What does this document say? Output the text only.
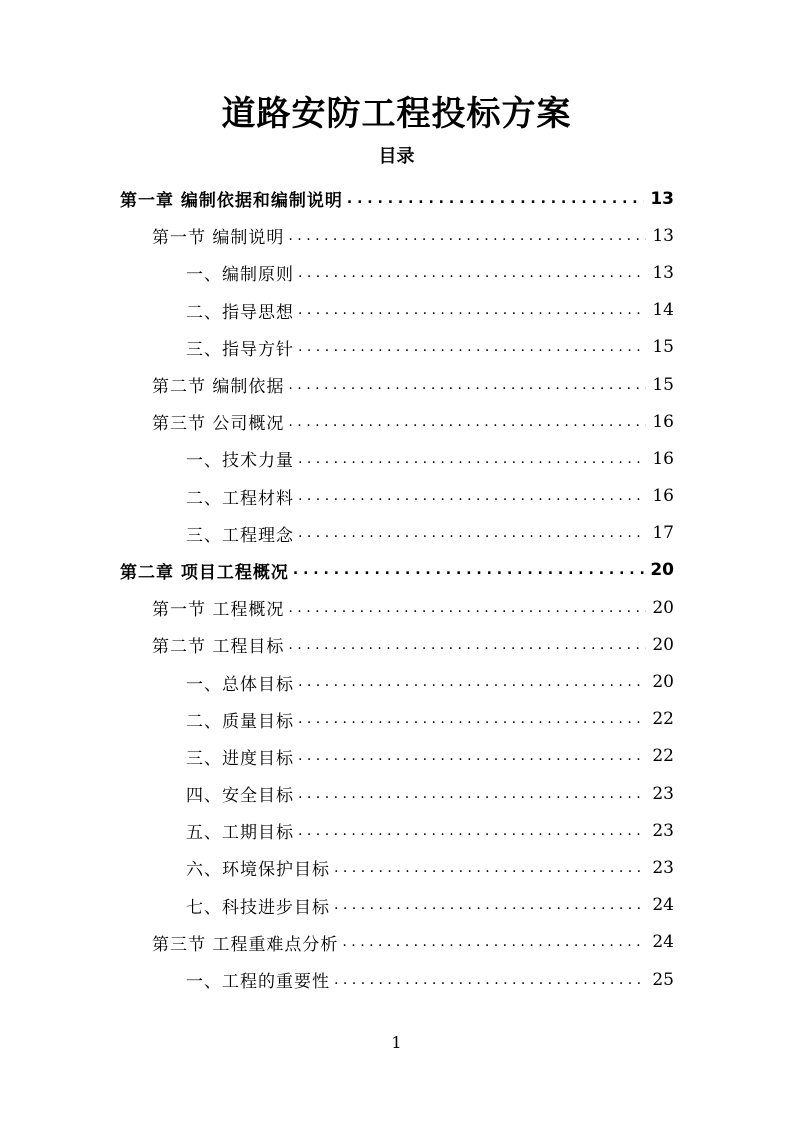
道路安防工程投标方案
目录
第一章 编制依据和编制说明 . . .	13
第一节 编制说明 . . .	13
一、编制原则 . . .	13
二、指导思想 . . .	14
三、指导方针 . . .	15
第二节 编制依据 . . .	15
第三节 公司概况 . . .	16
一、技术力量 . . .	16
二、工程材料 . . .	16
三、工程理念 . . .	17
第二章 项目工程概况 . . .	20
第一节 工程概况 . . .	20
第二节 工程目标 . . .	20
一、总体目标 . . .	20
二、质量目标 . . .	22
三、进度目标 . . .	22
四、安全目标 . . .	23
五、工期目标 . . .	23
六、环境保护目标 . . .	23
七、科技进步目标 . . .	24
第三节 工程重难点分析 . . .	24
一、工程的重要性 . . .	25
1
